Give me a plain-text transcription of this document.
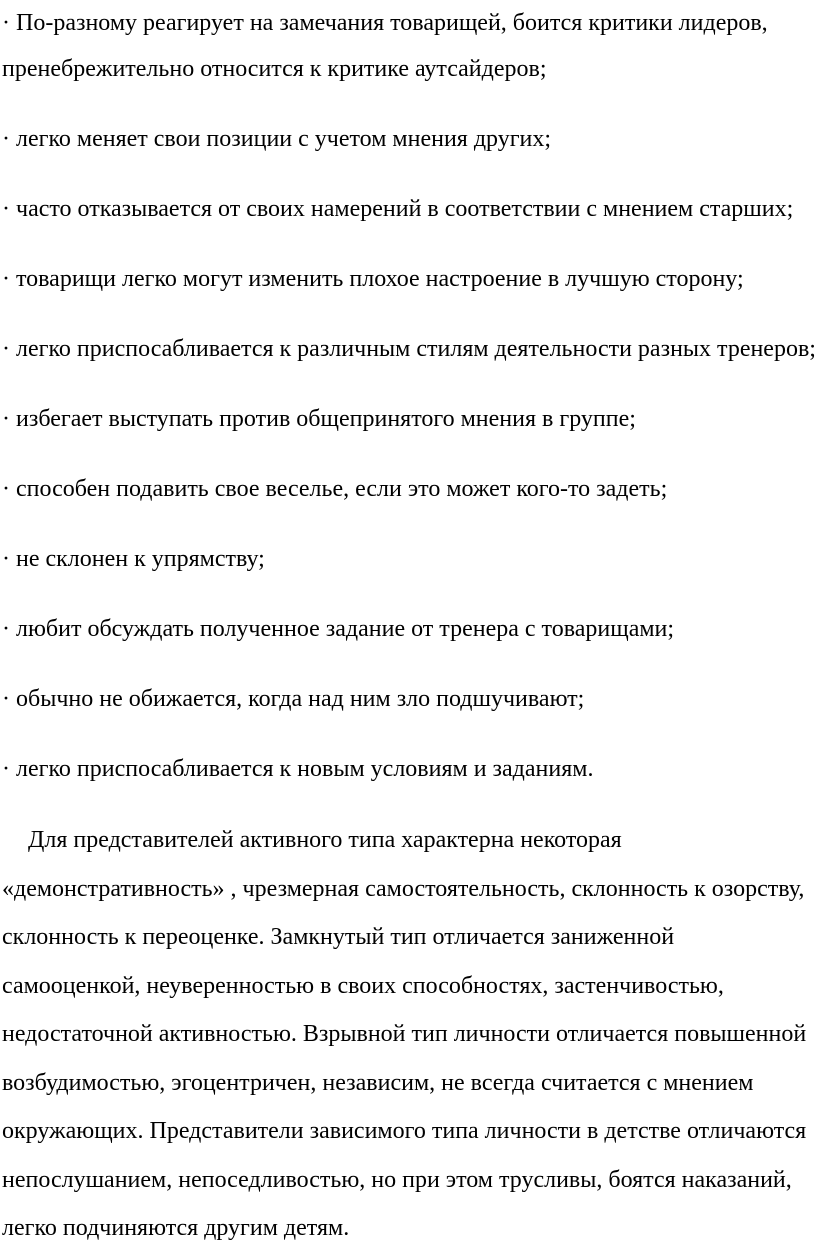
· По-разному реагирует на замечания товарищей, боится критики лидеров, пренебрежительно относится к критике аутсайдеров;
· легко меняет свои позиции с учетом мнения других;
· часто отказывается от своих намерений в соответствии с мнением старших;
· товарищи легко могут изменить плохое настроение в лучшую сторону;
· легко приспосабливается к различным стилям деятельности разных тренеров;
· избегает выступать против общепринятого мнения в группе;
· способен подавить свое веселье, если это может кого-то задеть;
· не склонен к упрямству;
· любит обсуждать полученное задание от тренера с товарищами;
· обычно не обижается, когда над ним зло подшучивают;
· легко приспосабливается к новым условиям и заданиям.

Для представителей активного типа характерна некоторая «демонстративность» , чрезмерная самостоятельность, склонность к озорству, склонность к переоценке. Замкнутый тип отличается заниженной самооценкой, неуверенностью в своих способностях, застенчивостью, недостаточной активностью. Взрывной тип личности отличается повышенной возбудимостью, эгоцентричен, независим, не всегда считается с мнением окружающих. Представители зависимого типа личности в детстве отличаются непослушанием, непоседливостью, но при этом трусливы, боятся наказаний, легко подчиняются другим детям.
